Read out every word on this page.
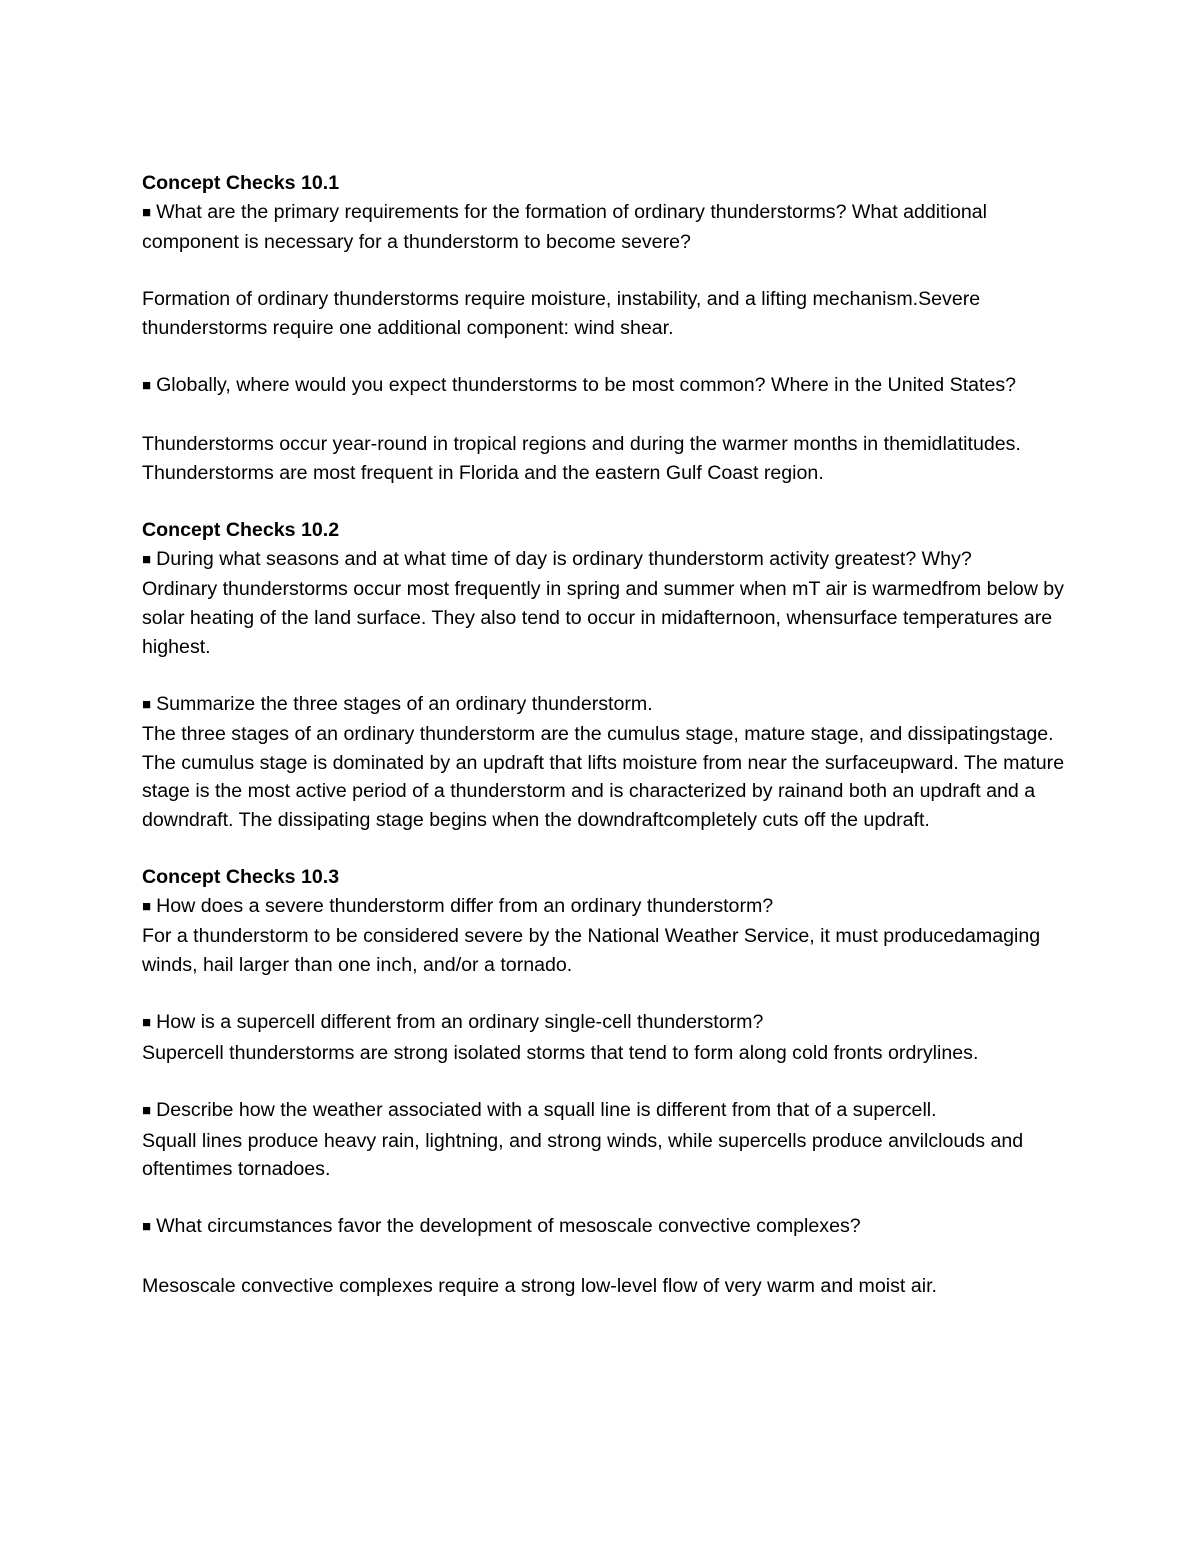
Concept Checks 10.1

■ What are the primary requirements for the formation of ordinary thunderstorms? What additional component is necessary for a thunderstorm to become severe?

Formation of ordinary thunderstorms require moisture, instability, and a lifting mechanism.Severe thunderstorms require one additional component: wind shear.

■ Globally, where would you expect thunderstorms to be most common? Where in the United States?

Thunderstorms occur year-round in tropical regions and during the warmer months in themidlatitudes. Thunderstorms are most frequent in Florida and the eastern Gulf Coast region.

Concept Checks 10.2

■ During what seasons and at what time of day is ordinary thunderstorm activity greatest? Why?

Ordinary thunderstorms occur most frequently in spring and summer when mT air is warmedfrom below by solar heating of the land surface. They also tend to occur in midafternoon, whensurface temperatures are highest.

■ Summarize the three stages of an ordinary thunderstorm.

The three stages of an ordinary thunderstorm are the cumulus stage, mature stage, and dissipatingstage. The cumulus stage is dominated by an updraft that lifts moisture from near the surfaceupward. The mature stage is the most active period of a thunderstorm and is characterized by rainand both an updraft and a downdraft. The dissipating stage begins when the downdraftcompletely cuts off the updraft.

Concept Checks 10.3

■ How does a severe thunderstorm differ from an ordinary thunderstorm?

For a thunderstorm to be considered severe by the National Weather Service, it must producedamaging winds, hail larger than one inch, and/or a tornado.

■ How is a supercell different from an ordinary single-cell thunderstorm?

Supercell thunderstorms are strong isolated storms that tend to form along cold fronts ordrylines.

■ Describe how the weather associated with a squall line is different from that of a supercell.

Squall lines produce heavy rain, lightning, and strong winds, while supercells produce anvilclouds and oftentimes tornadoes.

■ What circumstances favor the development of mesoscale convective complexes?

Mesoscale convective complexes require a strong low-level flow of very warm and moist air.
